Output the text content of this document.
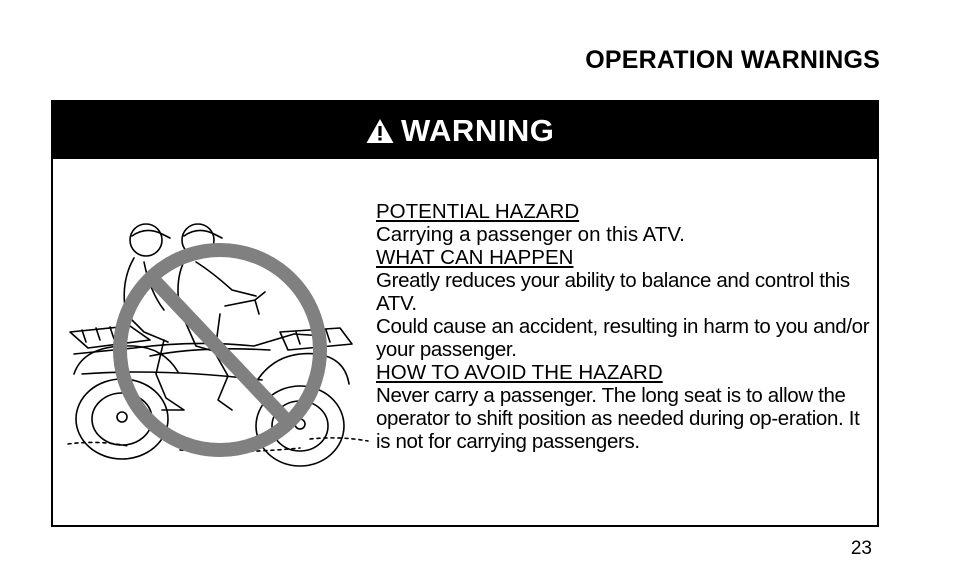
OPERATION WARNINGS
WARNING

POTENTIAL HAZARD

Carrying a passenger on this ATV.

WHAT CAN HAPPEN

Greatly reduces your ability to balance and control this ATV.

Could cause an accident, resulting in harm to you and/or your passenger.

HOW TO AVOID THE HAZARD

Never carry a passenger. The long seat is to allow the operator to shift position as needed during op-eration. It is not for carrying passengers.

23
